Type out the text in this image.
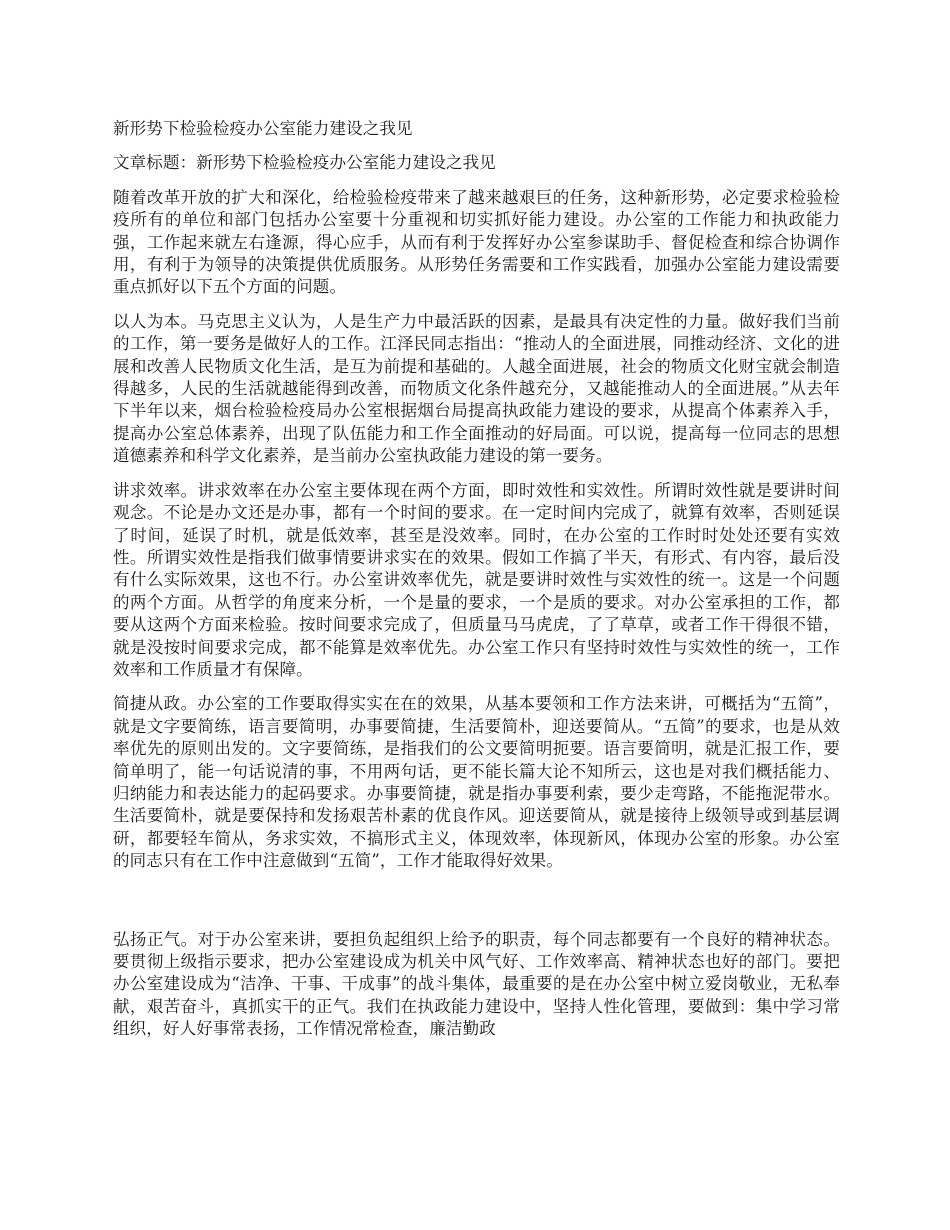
新形势下检验检疫办公室能力建设之我见

文章标题：新形势下检验检疫办公室能力建设之我见

随着改革开放的扩大和深化，给检验检疫带来了越来越艰巨的任务，这种新形势，必定要求检验检疫所有的单位和部门包括办公室要十分重视和切实抓好能力建设。办公室的工作能力和执政能力强，工作起来就左右逢源，得心应手，从而有利于发挥好办公室参谋助手、督促检查和综合协调作用，有利于为领导的决策提供优质服务。从形势任务需要和工作实践看，加强办公室能力建设需要重点抓好以下五个方面的问题。

以人为本。马克思主义认为，人是生产力中最活跃的因素，是最具有决定性的力量。做好我们当前的工作，第一要务是做好人的工作。江泽民同志指出：“推动人的全面进展，同推动经济、文化的进展和改善人民物质文化生活，是互为前提和基础的。人越全面进展，社会的物质文化财宝就会制造得越多，人民的生活就越能得到改善，而物质文化条件越充分，又越能推动人的全面进展。”从去年下半年以来，烟台检验检疫局办公室根据烟台局提高执政能力建设的要求，从提高个体素养入手，提高办公室总体素养，出现了队伍能力和工作全面推动的好局面。可以说，提高每一位同志的思想道德素养和科学文化素养，是当前办公室执政能力建设的第一要务。

讲求效率。讲求效率在办公室主要体现在两个方面，即时效性和实效性。所谓时效性就是要讲时间观念。不论是办文还是办事，都有一个时间的要求。在一定时间内完成了，就算有效率，否则延误了时间，延误了时机，就是低效率，甚至是没效率。同时，在办公室的工作时时处处还要有实效性。所谓实效性是指我们做事情要讲求实在的效果。假如工作搞了半天，有形式、有内容，最后没有什么实际效果，这也不行。办公室讲效率优先，就是要讲时效性与实效性的统一。这是一个问题的两个方面。从哲学的角度来分析，一个是量的要求，一个是质的要求。对办公室承担的工作，都要从这两个方面来检验。按时间要求完成了，但质量马马虎虎，了了草草，或者工作干得很不错，就是没按时间要求完成，都不能算是效率优先。办公室工作只有坚持时效性与实效性的统一，工作效率和工作质量才有保障。

简捷从政。办公室的工作要取得实实在在的效果，从基本要领和工作方法来讲，可概括为“五简”，就是文字要简练，语言要简明，办事要简捷，生活要简朴，迎送要简从。“五简”的要求，也是从效率优先的原则出发的。文字要简练，是指我们的公文要简明扼要。语言要简明，就是汇报工作，要简单明了，能一句话说清的事，不用两句话，更不能长篇大论不知所云，这也是对我们概括能力、归纳能力和表达能力的起码要求。办事要简捷，就是指办事要利索，要少走弯路，不能拖泥带水。生活要简朴，就是要保持和发扬艰苦朴素的优良作风。迎送要简从，就是接待上级领导或到基层调研，都要轻车简从，务求实效，不搞形式主义，体现效率，体现新风，体现办公室的形象。办公室的同志只有在工作中注意做到“五简”，工作才能取得好效果。

弘扬正气。对于办公室来讲，要担负起组织上给予的职责，每个同志都要有一个良好的精神状态。要贯彻上级指示要求，把办公室建设成为机关中风气好、工作效率高、精神状态也好的部门。要把办公室建设成为“洁净、干事、干成事”的战斗集体，最重要的是在办公室中树立爱岗敬业，无私奉献，艰苦奋斗，真抓实干的正气。我们在执政能力建设中，坚持人性化管理，要做到：集中学习常组织，好人好事常表扬，工作情况常检查，廉洁勤政
